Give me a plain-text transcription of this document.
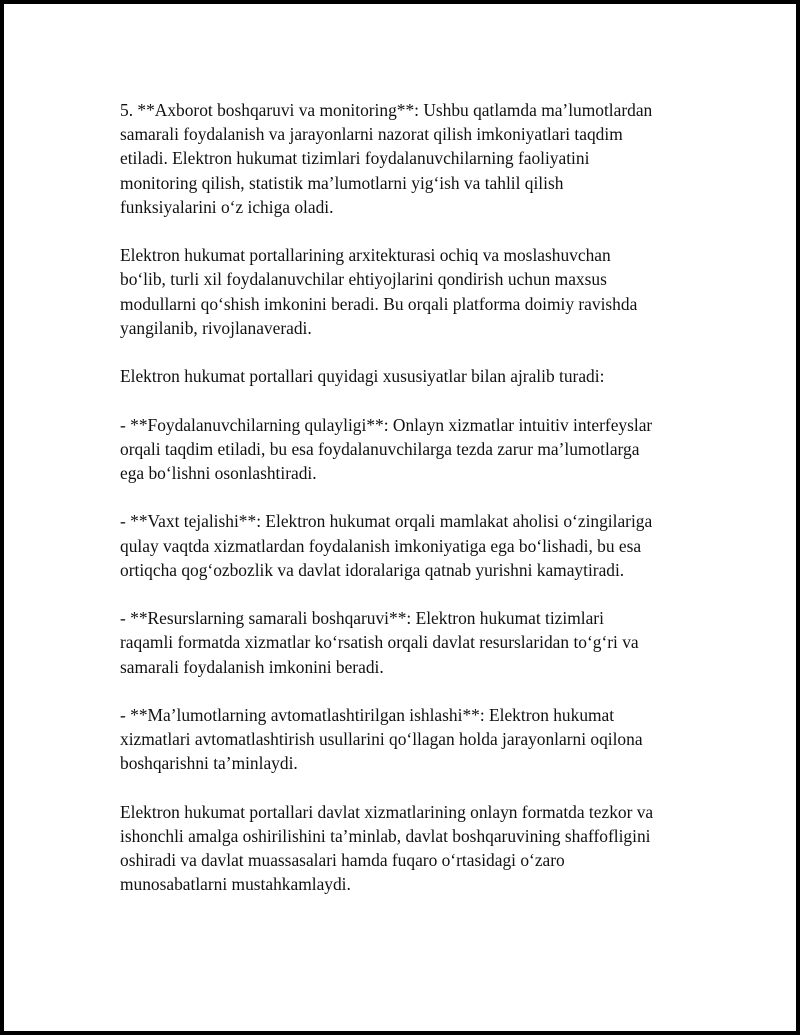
5. **Axborot boshqaruvi va monitoring**: Ushbu qatlamda ma’lumotlardan
samarali foydalanish va jarayonlarni nazorat qilish imkoniyatlari taqdim
etiladi. Elektron hukumat tizimlari foydalanuvchilarning faoliyatini
monitoring qilish, statistik ma’lumotlarni yig‘ish va tahlil qilish
funksiyalarini o‘z ichiga oladi.

Elektron hukumat portallarining arxitekturasi ochiq va moslashuvchan
bo‘lib, turli xil foydalanuvchilar ehtiyojlarini qondirish uchun maxsus
modullarni qo‘shish imkonini beradi. Bu orqali platforma doimiy ravishda
yangilanib, rivojlanaveradi.

Elektron hukumat portallari quyidagi xususiyatlar bilan ajralib turadi:

- **Foydalanuvchilarning qulayligi**: Onlayn xizmatlar intuitiv interfeyslar
orqali taqdim etiladi, bu esa foydalanuvchilarga tezda zarur ma’lumotlarga
ega bo‘lishni osonlashtiradi.

- **Vaxt tejalishi**: Elektron hukumat orqali mamlakat aholisi o‘zingilariga
qulay vaqtda xizmatlardan foydalanish imkoniyatiga ega bo‘lishadi, bu esa
ortiqcha qog‘ozbozlik va davlat idoralariga qatnab yurishni kamaytiradi.

- **Resurslarning samarali boshqaruvi**: Elektron hukumat tizimlari
raqamli formatda xizmatlar ko‘rsatish orqali davlat resurslaridan to‘g‘ri va
samarali foydalanish imkonini beradi.

- **Ma’lumotlarning avtomatlashtirilgan ishlashi**: Elektron hukumat
xizmatlari avtomatlashtirish usullarini qo‘llagan holda jarayonlarni oqilona
boshqarishni ta’minlaydi.

Elektron hukumat portallari davlat xizmatlarining onlayn formatda tezkor va
ishonchli amalga oshirilishini ta’minlab, davlat boshqaruvining shaffofligini
oshiradi va davlat muassasalari hamda fuqaro o‘rtasidagi o‘zaro
munosabatlarni mustahkamlaydi.
